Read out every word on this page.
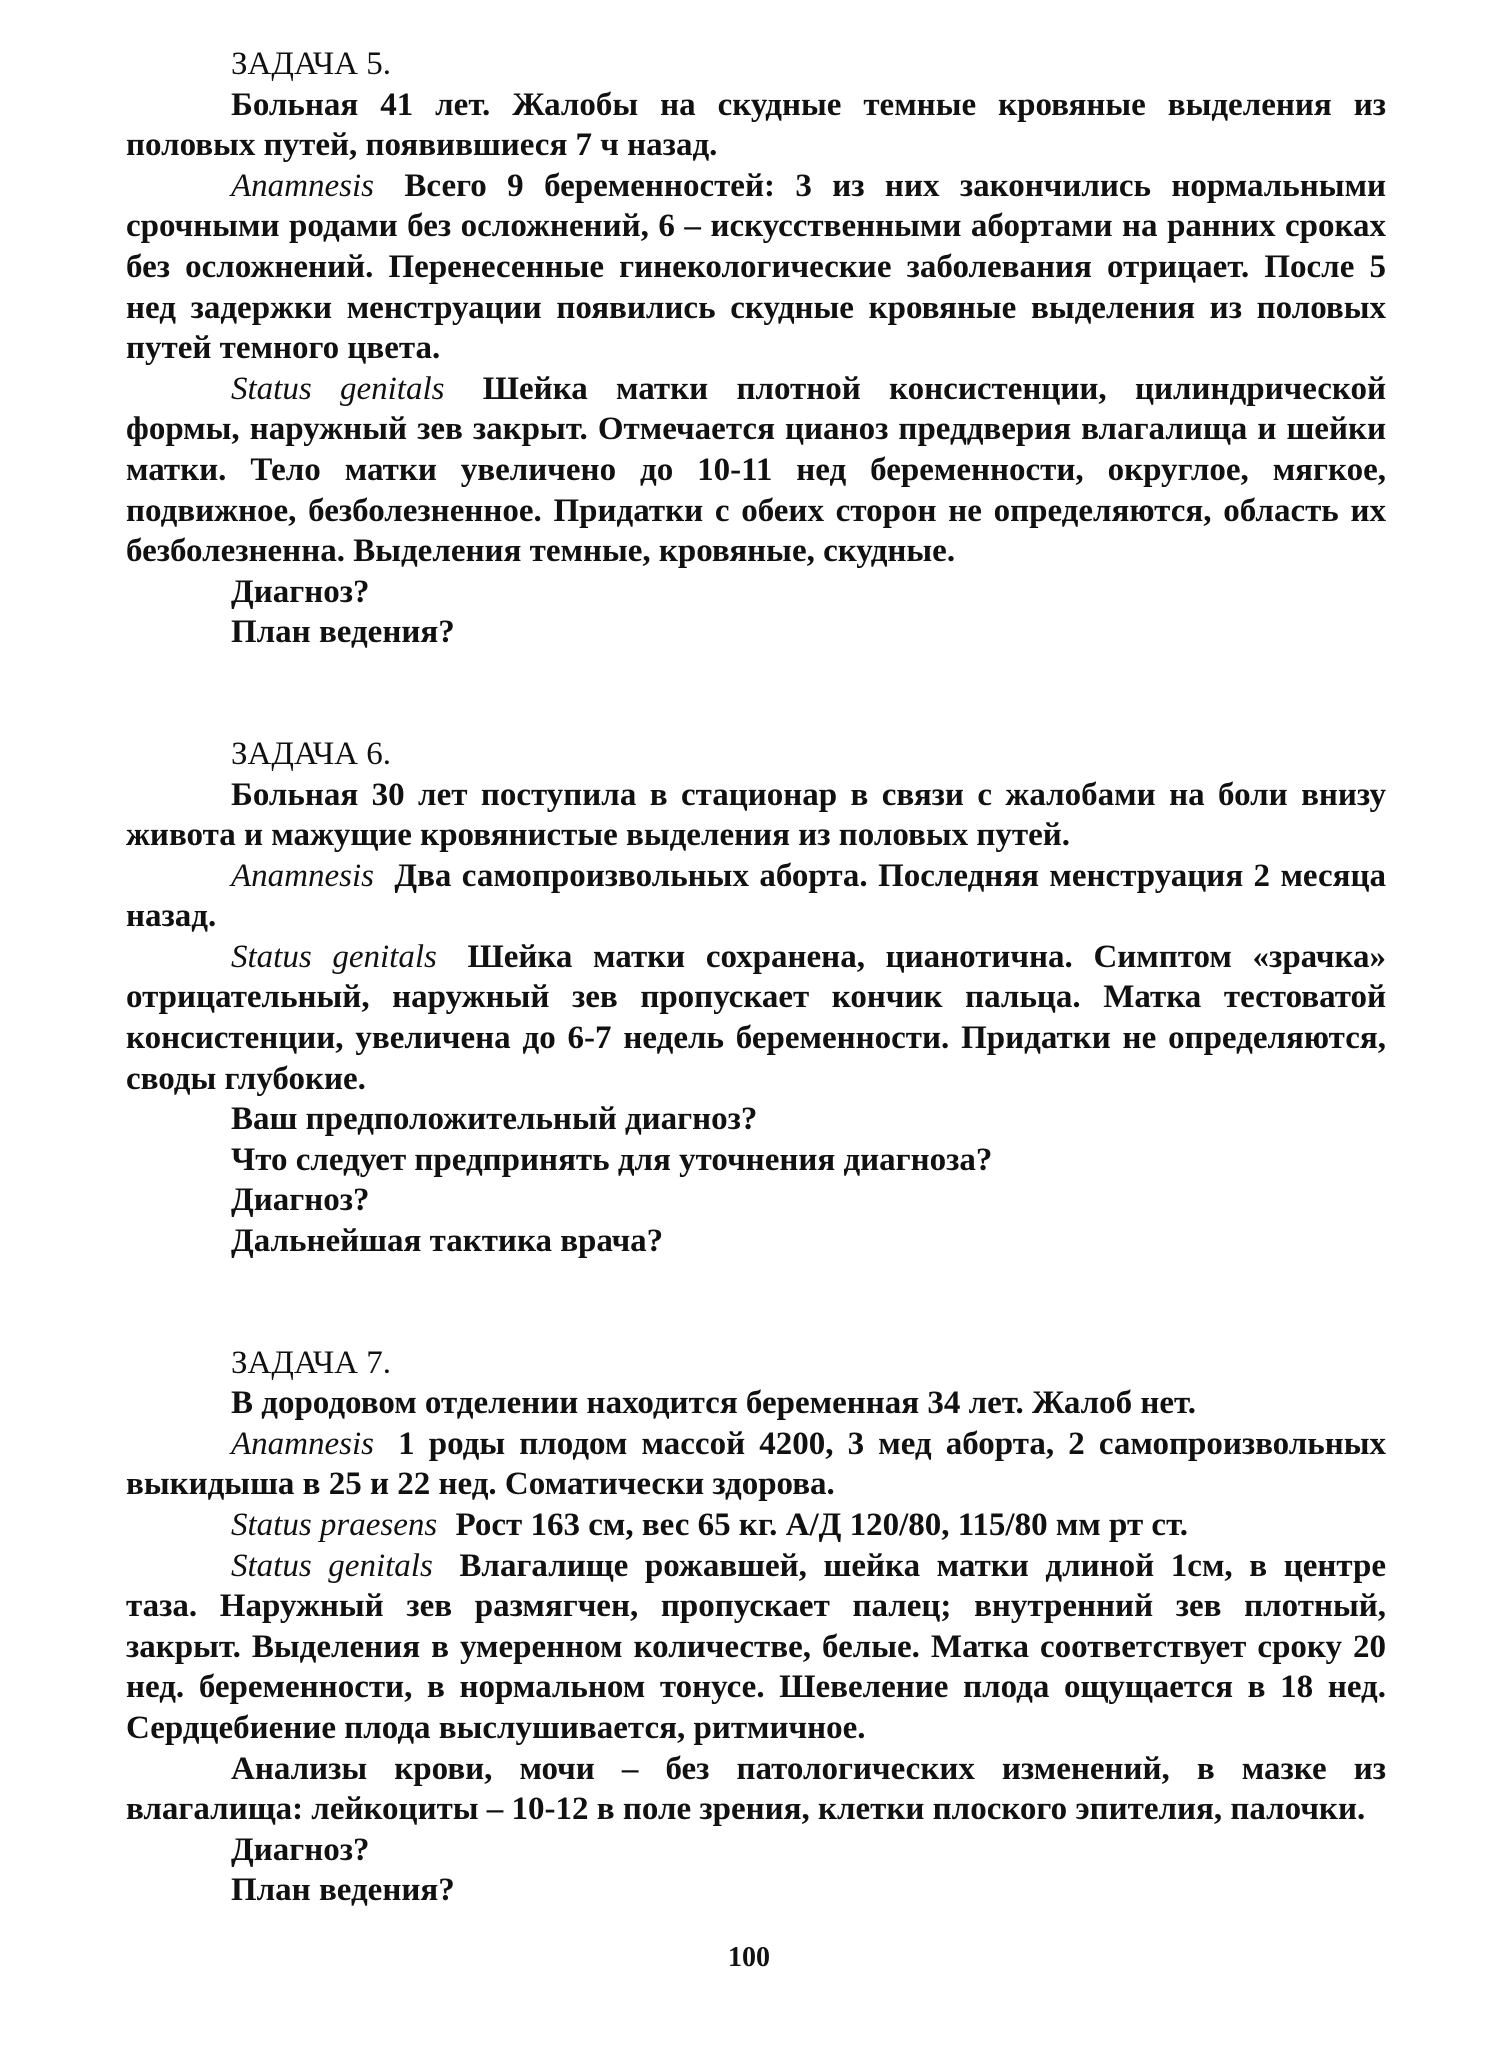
ЗАДАЧА 5.

Больная 41 лет. Жалобы на скудные темные кровяные выделения из половых путей, появившиеся 7 ч назад.

Anamnesis Всего 9 беременностей: 3 из них закончились нормальными срочными родами без осложнений, 6 – искусственными абортами на ранних сроках без осложнений. Перенесенные гинекологические заболевания отрицает. После 5 нед задержки менструации появились скудные кровяные выделения из половых путей темного цвета.

Status genitals Шейка матки плотной консистенции, цилиндрической формы, наружный зев закрыт. Отмечается цианоз преддверия влагалища и шейки матки. Тело матки увеличено до 10-11 нед беременности, округлое, мягкое, подвижное, безболезненное. Придатки с обеих сторон не определяются, область их безболезненна. Выделения темные, кровяные, скудные.

Диагноз?

План ведения?

ЗАДАЧА 6.

Больная 30 лет поступила в стационар в связи с жалобами на боли внизу живота и мажущие кровянистые выделения из половых путей.

Anamnesis Два самопроизвольных аборта. Последняя менструация 2 месяца назад.

Status genitals Шейка матки сохранена, цианотична. Симптом «зрачка» отрицательный, наружный зев пропускает кончик пальца. Матка тестоватой консистенции, увеличена до 6-7 недель беременности. Придатки не определяются, своды глубокие.

Ваш предположительный диагноз?

Что следует предпринять для уточнения диагноза?

Диагноз?

Дальнейшая тактика врача?

ЗАДАЧА 7.

В дородовом отделении находится беременная 34 лет. Жалоб нет.

Anamnesis 1 роды плодом массой 4200, 3 мед аборта, 2 самопроизвольных выкидыша в 25 и 22 нед. Соматически здорова.

Status praesens Рост 163 см, вес 65 кг. А/Д 120/80, 115/80 мм рт ст.

Status genitals Влагалище рожавшей, шейка матки длиной 1см, в центре таза. Наружный зев размягчен, пропускает палец; внутренний зев плотный, закрыт. Выделения в умеренном количестве, белые. Матка соответствует сроку 20 нед. беременности, в нормальном тонусе. Шевеление плода ощущается в 18 нед. Сердцебиение плода выслушивается, ритмичное.

Анализы крови, мочи – без патологических изменений, в мазке из влагалища: лейкоциты – 10-12 в поле зрения, клетки плоского эпителия, палочки.

Диагноз?

План ведения?

100
